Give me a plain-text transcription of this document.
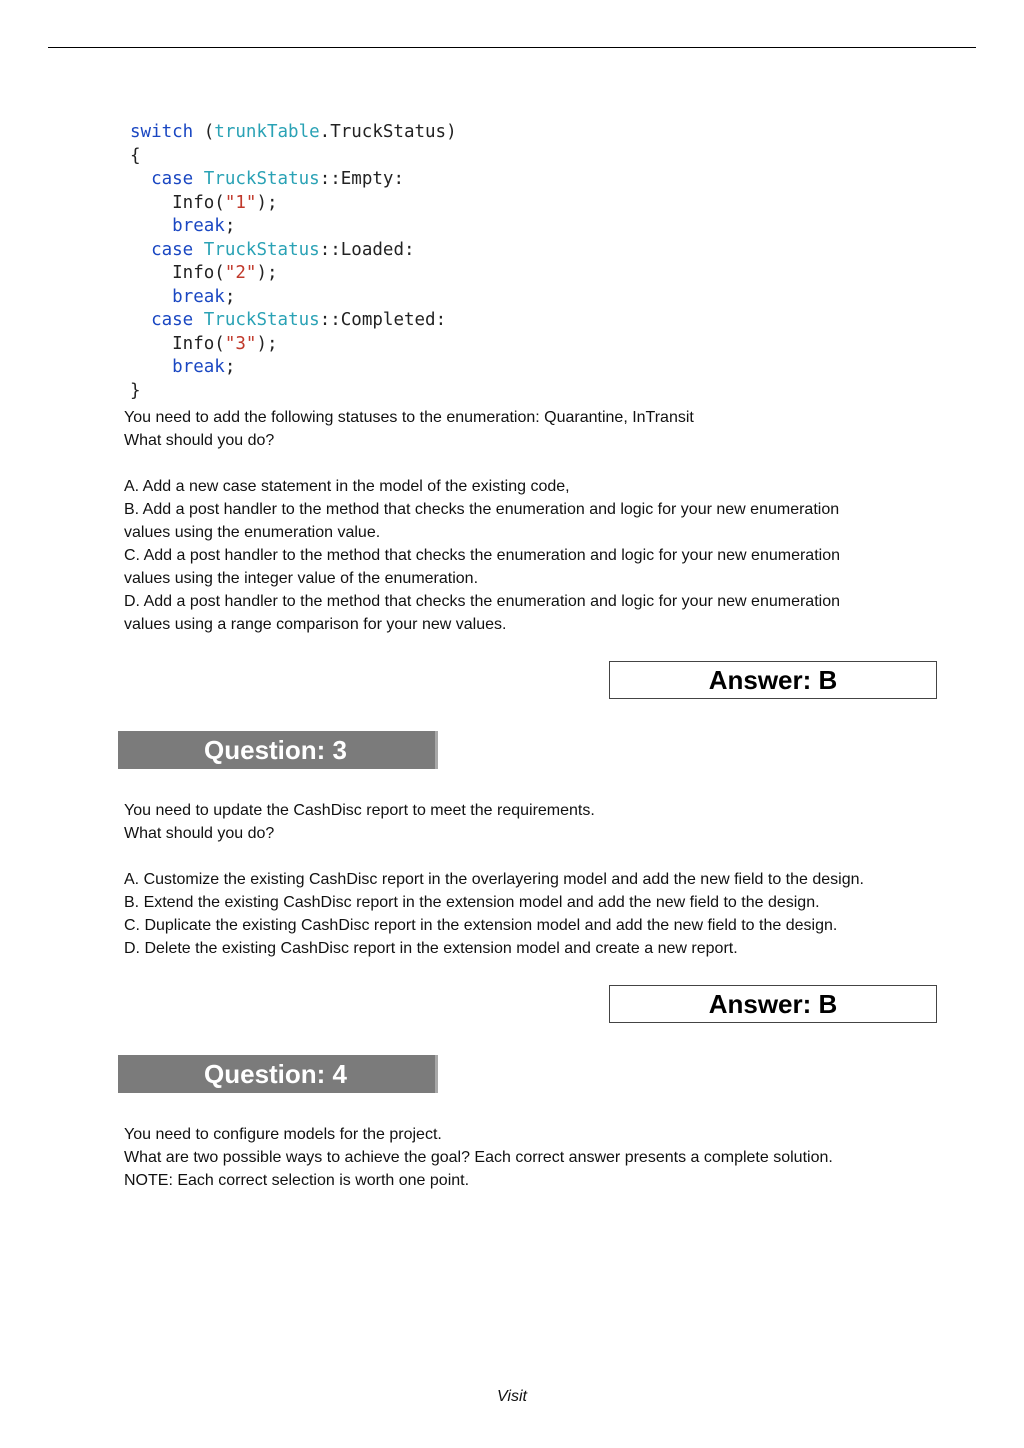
switch (trunkTable.TruckStatus)
{
case TruckStatus::Empty:
Info("1");
break;
case TruckStatus::Loaded:
Info("2");
break;
case TruckStatus::Completed:
Info("3");
break;
}

You need to add the following statuses to the enumeration: Quarantine, InTransit

What should you do?

A. Add a new case statement in the model of the existing code,

B. Add a post handler to the method that checks the enumeration and logic for your new enumeration

values using the enumeration value.

C. Add a post handler to the method that checks the enumeration and logic for your new enumeration

values using the integer value of the enumeration.

D. Add a post handler to the method that checks the enumeration and logic for your new enumeration

values using a range comparison for your new values.

Answer: B
Question: 3

You need to update the CashDisc report to meet the requirements.

What should you do?

A. Customize the existing CashDisc report in the overlayering model and add the new field to the design.

B. Extend the existing CashDisc report in the extension model and add the new field to the design.

C. Duplicate the existing CashDisc report in the extension model and add the new field to the design.

D. Delete the existing CashDisc report in the extension model and create a new report.

Answer: B
Question: 4

You need to configure models for the project.

What are two possible ways to achieve the goal? Each correct answer presents a complete solution.

NOTE: Each correct selection is worth one point.

Visit
